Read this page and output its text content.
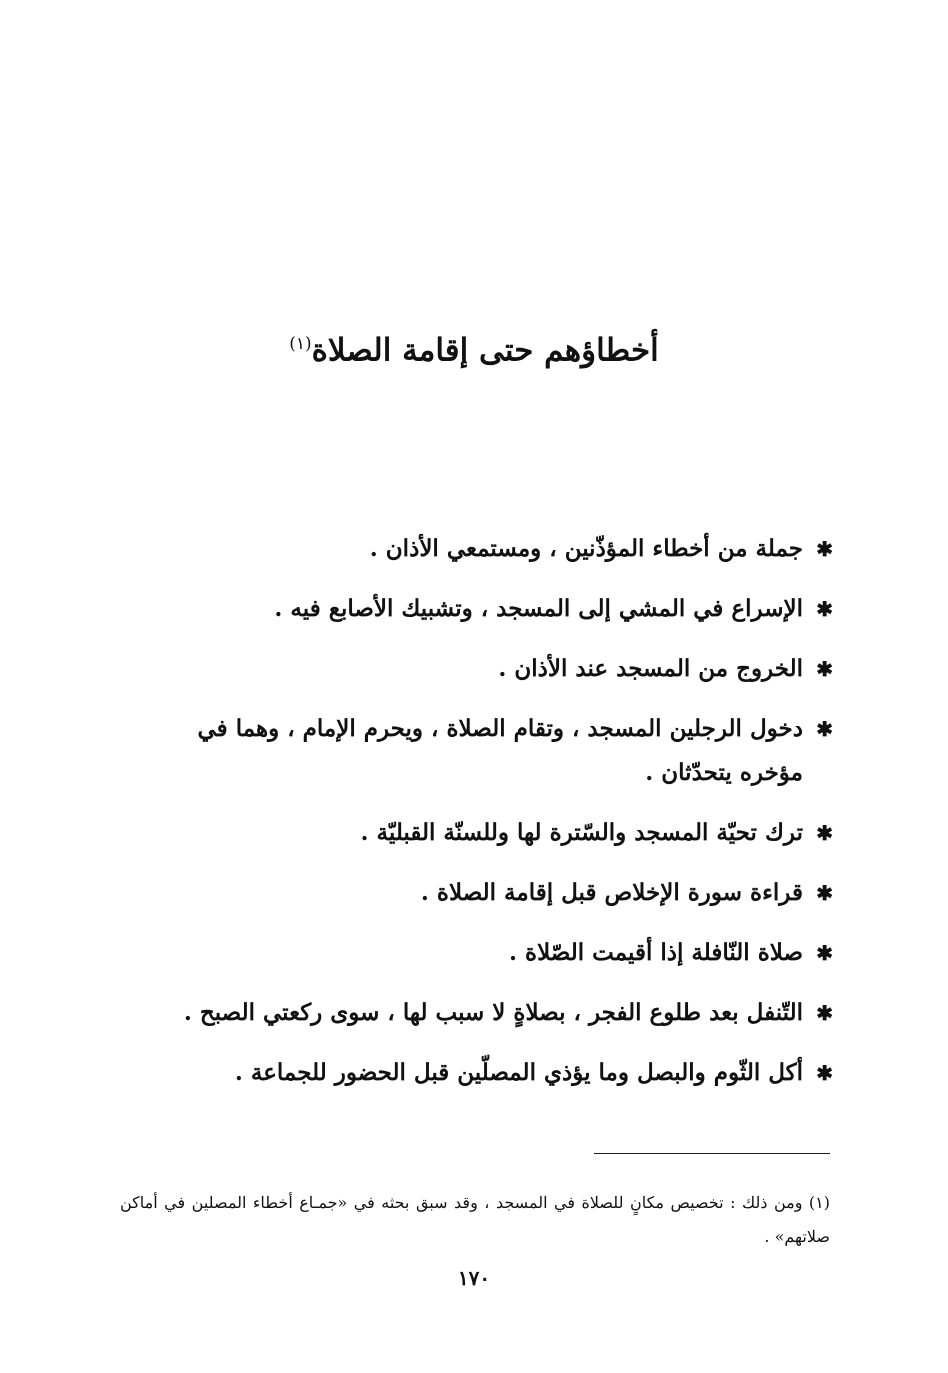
أخطاؤهم حتى إقامة الصلاة$^{(١)}$
✱
جملة من أخطاء المؤذّنين ، ومستمعي الأذان .
✱
الإسراع في المشي إلى المسجد ، وتشبيك الأصابع فيه .
✱
الخروج من المسجد عند الأذان .
✱
دخول الرجلين المسجد ، وتقام الصلاة ، ويحرم الإمام ، وهما في مؤخره يتحدّثان .
✱
ترك تحيّة المسجد والسّترة لها وللسنّة القبليّة .
✱
قراءة سورة الإخلاص قبل إقامة الصلاة .
✱
صلاة النّافلة إذا أقيمت الصّلاة .
✱
التّنفل بعد طلوع الفجر ، بصلاةٍ لا سبب لها ، سوى ركعتي الصبح .
✱
أكل الثّوم والبصل وما يؤذي المصلّين قبل الحضور للجماعة .

(١) ومن ذلك : تخصيص مكانٍ للصلاة في المسجد ، وقد سبق بحثه في «جمـاع أخطاء المصلين في أماكن صلاتهم» .

١٧٠
